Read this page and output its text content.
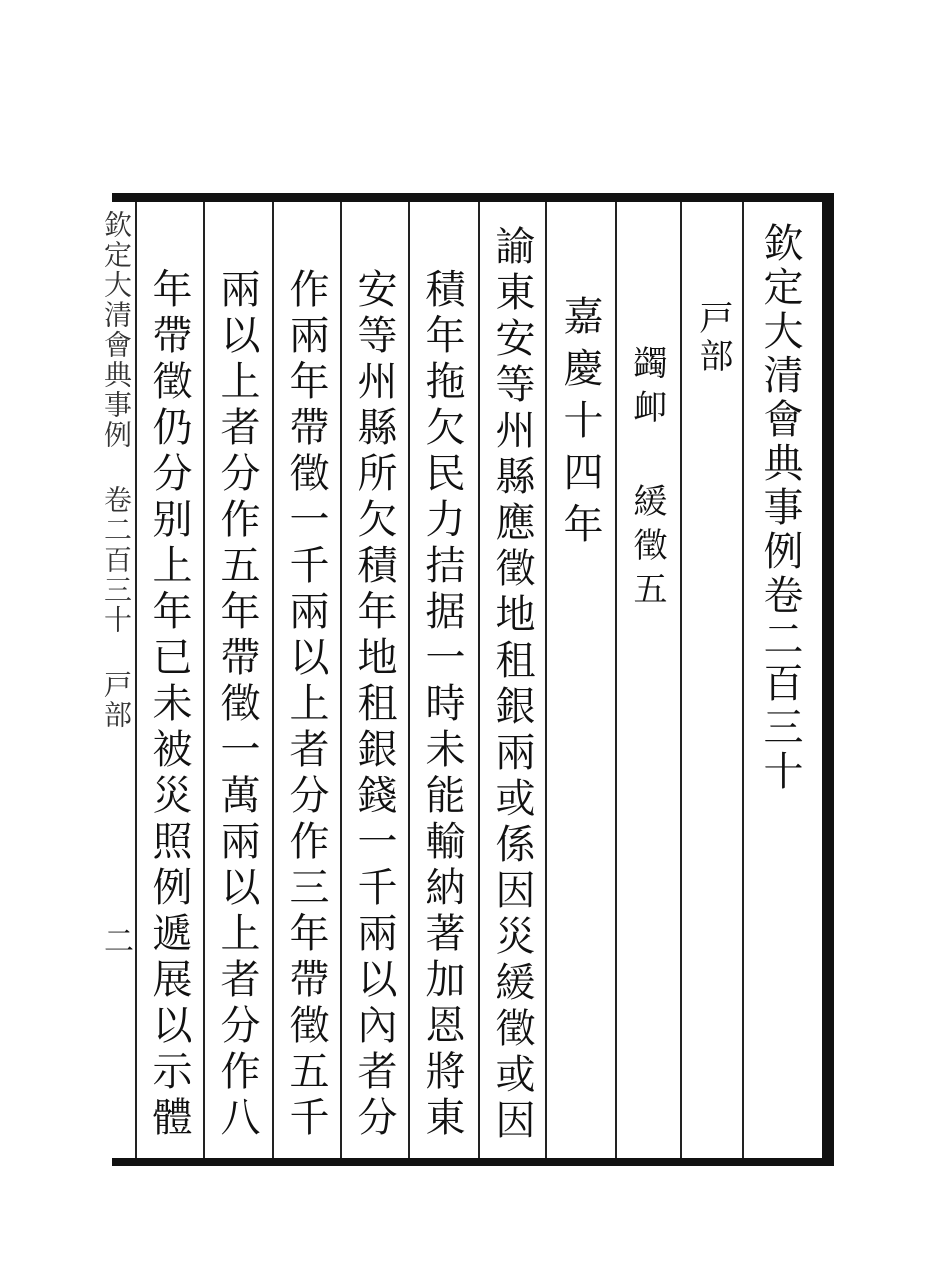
欽定大清會典事例卷二百三十
戸部
蠲卹 緩徵五
嘉慶十四年
諭東安等州縣應徵地租銀兩或係因災緩徵或因
積年拖欠民力拮据一時未能輸納著加恩將東
安等州縣所欠積年地租銀錢一千兩以內者分
作兩年帶徵一千兩以上者分作三年帶徵五千
兩以上者分作五年帶徵一萬兩以上者分作八
年帶徵仍分别上年已未被災照例遞展以示體
欽定大清會典事例 卷二百三十 戸部
二
